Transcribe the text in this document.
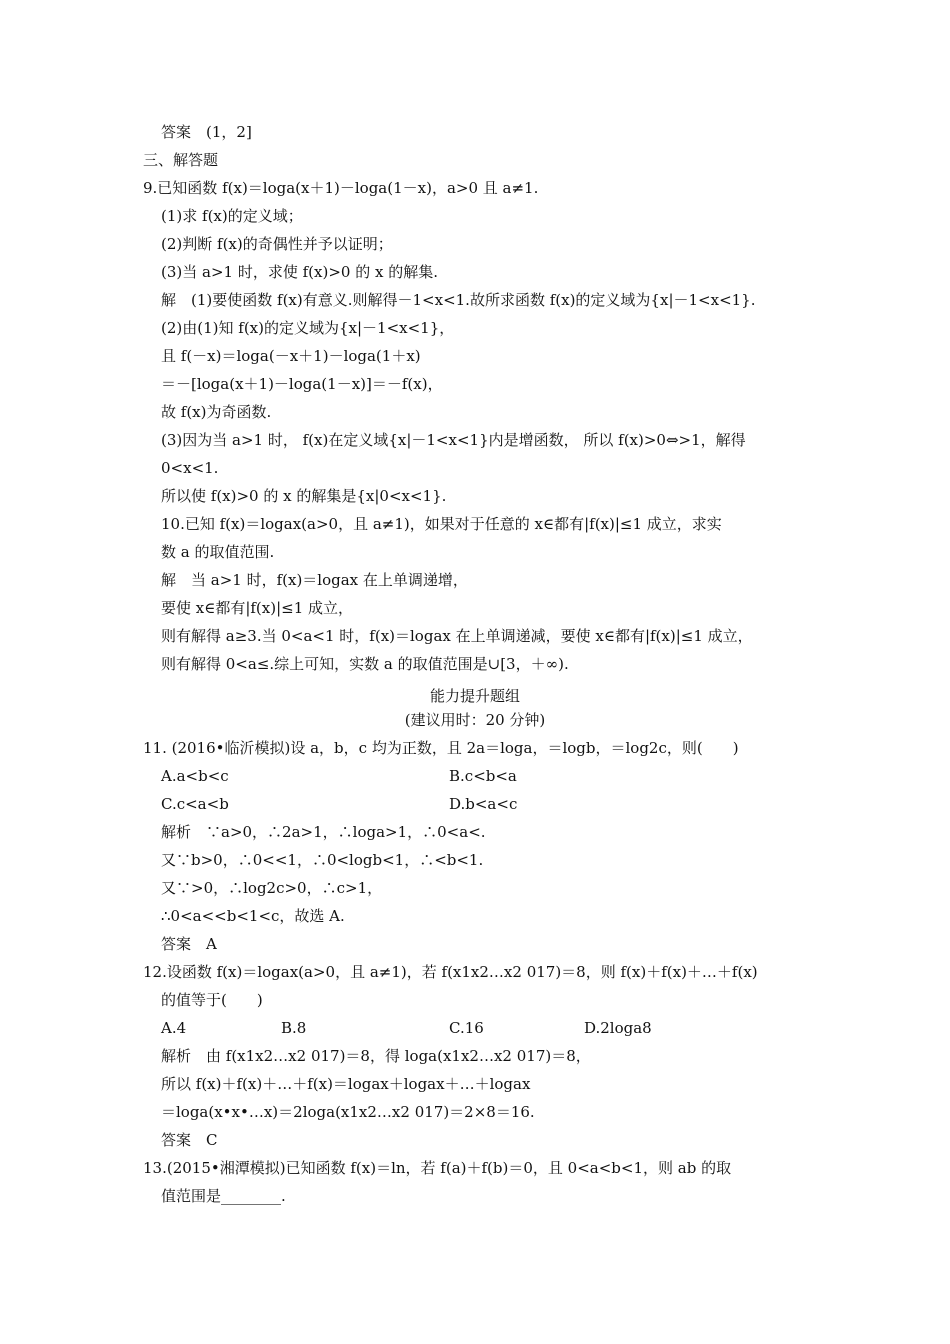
答案　(1，2]
三、解答题
9.已知函数 f(x)＝loga(x＋1)－loga(1－x)，a>0 且 a≠1.
(1)求 f(x)的定义域；
(2)判断 f(x)的奇偶性并予以证明；
(3)当 a>1 时，求使 f(x)>0 的 x 的解集.
解　(1)要使函数 f(x)有意义.则解得－1<x<1.故所求函数 f(x)的定义域为{x|－1<x<1}.
(2)由(1)知 f(x)的定义域为{x|－1<x<1}，
且 f(－x)＝loga(－x＋1)－loga(1＋x)
＝－[loga(x＋1)－loga(1－x)]＝－f(x)，
故 f(x)为奇函数.
(3)因为当 a>1 时， f(x)在定义域{x|－1<x<1}内是增函数， 所以 f(x)>0⇔>1，解得
0<x<1.
所以使 f(x)>0 的 x 的解集是{x|0<x<1}.
10.已知 f(x)＝logax(a>0，且 a≠1)，如果对于任意的 x∈都有|f(x)|≤1 成立，求实
数 a 的取值范围.
解　当 a>1 时，f(x)＝logax 在上单调递增，
要使 x∈都有|f(x)|≤1 成立，
则有解得 a≥3.当 0<a<1 时，f(x)＝logax 在上单调递减，要使 x∈都有|f(x)|≤1 成立，
则有解得 0<a≤.综上可知，实数 a 的取值范围是∪[3，＋∞).
11. (2016•临沂模拟)设 a，b，c 均为正数，且 2a＝loga，＝logb，＝log2c，则(　　)
A.a<b<c	B.c<b<a
C.c<a<b	D.b<a<c
解析　∵a>0，∴2a>1，∴loga>1，∴0<a<.
又∵b>0，∴0<<1，∴0<logb<1，∴<b<1.
又∵>0，∴log2c>0，∴c>1，
∴0<a<<b<1<c，故选 A.
答案　A
12.设函数 f(x)＝logax(a>0，且 a≠1)，若 f(x1x2…x2 017)＝8，则 f(x)＋f(x)＋…＋f(x)
的值等于(　　)
A.4	B.8	C.16	D.2loga8
解析　由 f(x1x2…x2 017)＝8，得 loga(x1x2…x2 017)＝8，
所以 f(x)＋f(x)＋…＋f(x)＝logax＋logax＋…＋logax
＝loga(x•x•…x)＝2loga(x1x2…x2 017)＝2×8＝16.
答案　C
13.(2015•湘潭模拟)已知函数 f(x)＝ln，若 f(a)＋f(b)＝0，且 0<a<b<1，则 ab 的取
值范围是________.
能力提升题组
(建议用时：20 分钟)
